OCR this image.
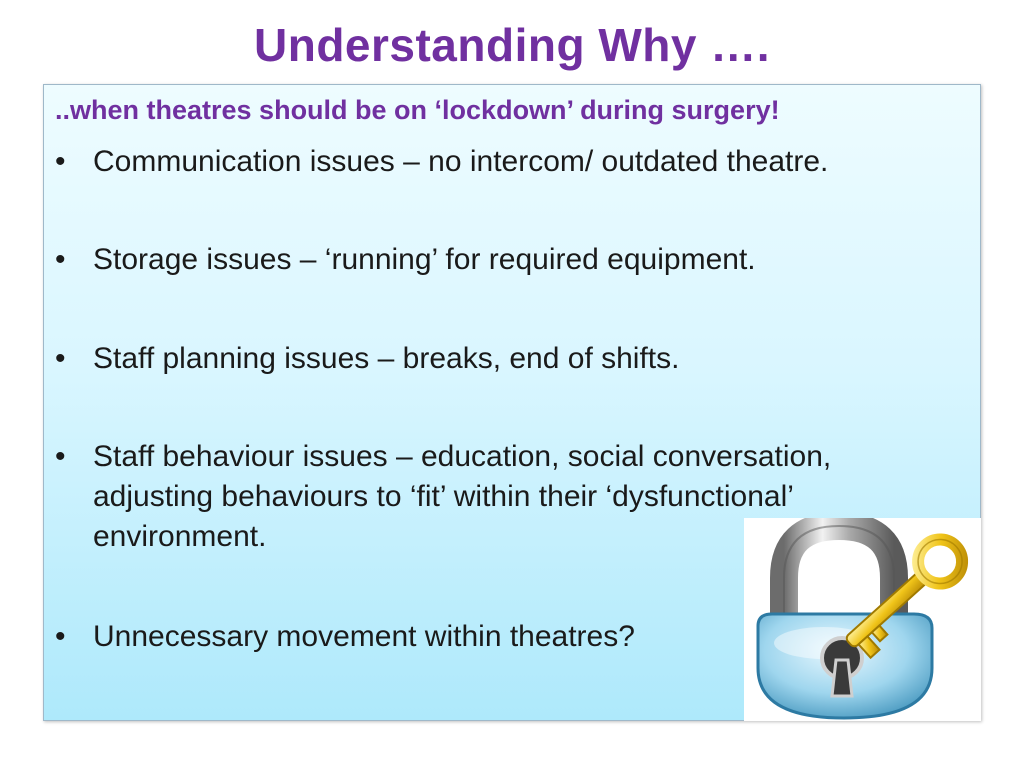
Understanding Why ….
..when theatres should be on ‘lockdown’ during surgery!
• Communication issues – no intercom/ outdated theatre.
• Storage issues – ‘running’ for required equipment.
• Staff planning issues – breaks, end of shifts.
• Staff behaviour issues – education, social conversation, adjusting behaviours to ‘fit’ within their ‘dysfunctional’ environment.
• Unnecessary movement within theatres?
